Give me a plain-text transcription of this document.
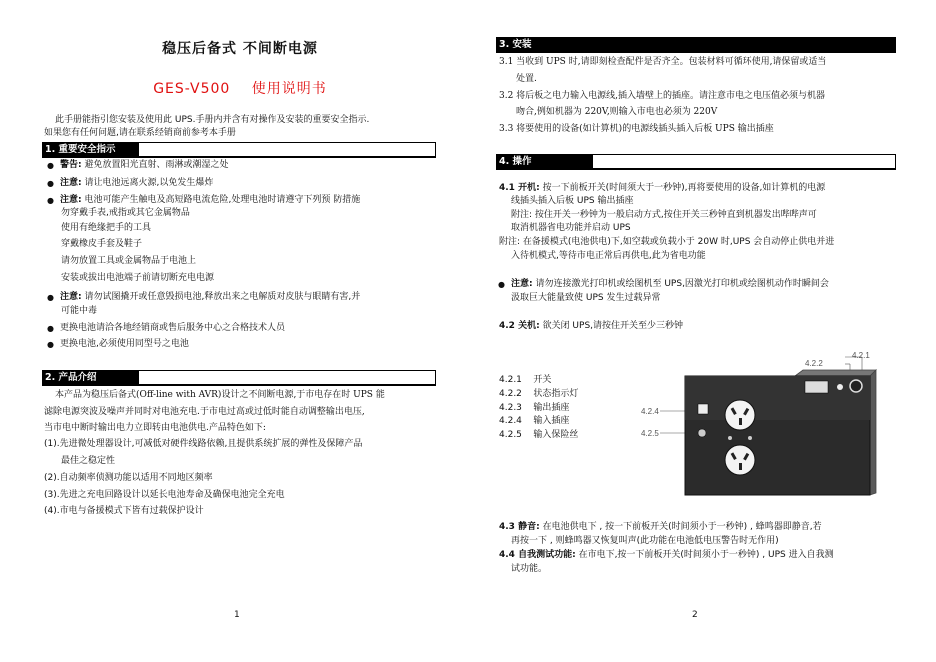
稳压后备式 不间断电源
GES-V500 使用说明书
此手册能指引您安装及使用此 UPS.手册内并含有对操作及安装的重要安全指示.
如果您有任何问题,请在联系经销商前参考本手册
1. 重要安全指示
● 警告: 避免放置阳光直射、雨淋或潮湿之处
● 注意: 请让电池远离火源,以免发生爆炸
● 注意: 电池可能产生触电及高短路电流危险,处理电池时请遵守下列预 防措施
勿穿戴手表,戒指或其它金属物品
使用有绝缘把手的工具
穿戴橡皮手套及鞋子
请勿放置工具或金属物品于电池上
安装或拔出电池端子前请切断充电电源
● 注意: 请勿试图撬开或任意毁损电池,释放出来之电解质对皮肤与眼睛有害,并
可能中毒
● 更换电池请洽各地经销商或售后服务中心之合格技术人员
● 更换电池,必须使用同型号之电池
2. 产品介绍
本产品为稳压后备式(Off-line with AVR)设计之不间断电源,于市电存在时 UPS 能
滤除电源突波及噪声并同时对电池充电.于市电过高或过低时能自动调整输出电压,
当市电中断时输出电力立即转由电池供电.产品特色如下:
(1).先进微处理器设计,可减低对硬件线路依赖,且提供系统扩展的弹性及保障产品
最佳之稳定性
(2).自动频率侦测功能以适用不同地区频率
(3).先进之充电回路设计以延长电池寿命及确保电池完全充电
(4).市电与备援模式下皆有过载保护设计
1
3. 安装
3.1 当收到 UPS 时,请即刻检查配件是否齐全。包装材料可循环使用,请保留或适当
处置.
3.2 将后板之电力输入电源线,插入墙壁上的插座。请注意市电之电压值必须与机器
吻合,例如机器为 220V,则输入市电也必须为 220V
3.3 将要使用的设备(如计算机)的电源线插头插入后板 UPS 输出插座
4. 操作
4.1 开机: 按一下前板开关(时间须大于一秒钟),再将要使用的设备,如计算机的电源
线插头插入后板 UPS 输出插座
附注: 按住开关一秒钟为一般启动方式,按住开关三秒钟直到机器发出哔哔声可
取消机器省电功能并启动 UPS
附注: 在备援模式(电池供电)下,如空载或负载小于 20W 时,UPS 会自动停止供电并进
入待机模式,等待市电正常后再供电,此为省电功能
● 注意: 请勿连接激光打印机或绘图机至 UPS,因激光打印机或绘图机动作时瞬间会
汲取巨大能量致使 UPS 发生过载异常
4.2 关机: 欲关闭 UPS,请按住开关至少三秒钟
4.2.1    开关
4.2.2    状态指示灯
4.2.3    输出插座
4.2.4    输入插座
4.2.5    输入保险丝
4.2.1
4.2.2
4.2.4
4.2.5
4.3 静音: 在电池供电下 , 按一下前板开关(时间须小于一秒钟) , 蜂鸣器即静音,若
再按一下 , 则蜂鸣器又恢复叫声(此功能在电池低电压警告时无作用)
4.4 自我测试功能: 在市电下,按一下前板开关(时间须小于一秒钟) , UPS 进入自我测
试功能。
2
